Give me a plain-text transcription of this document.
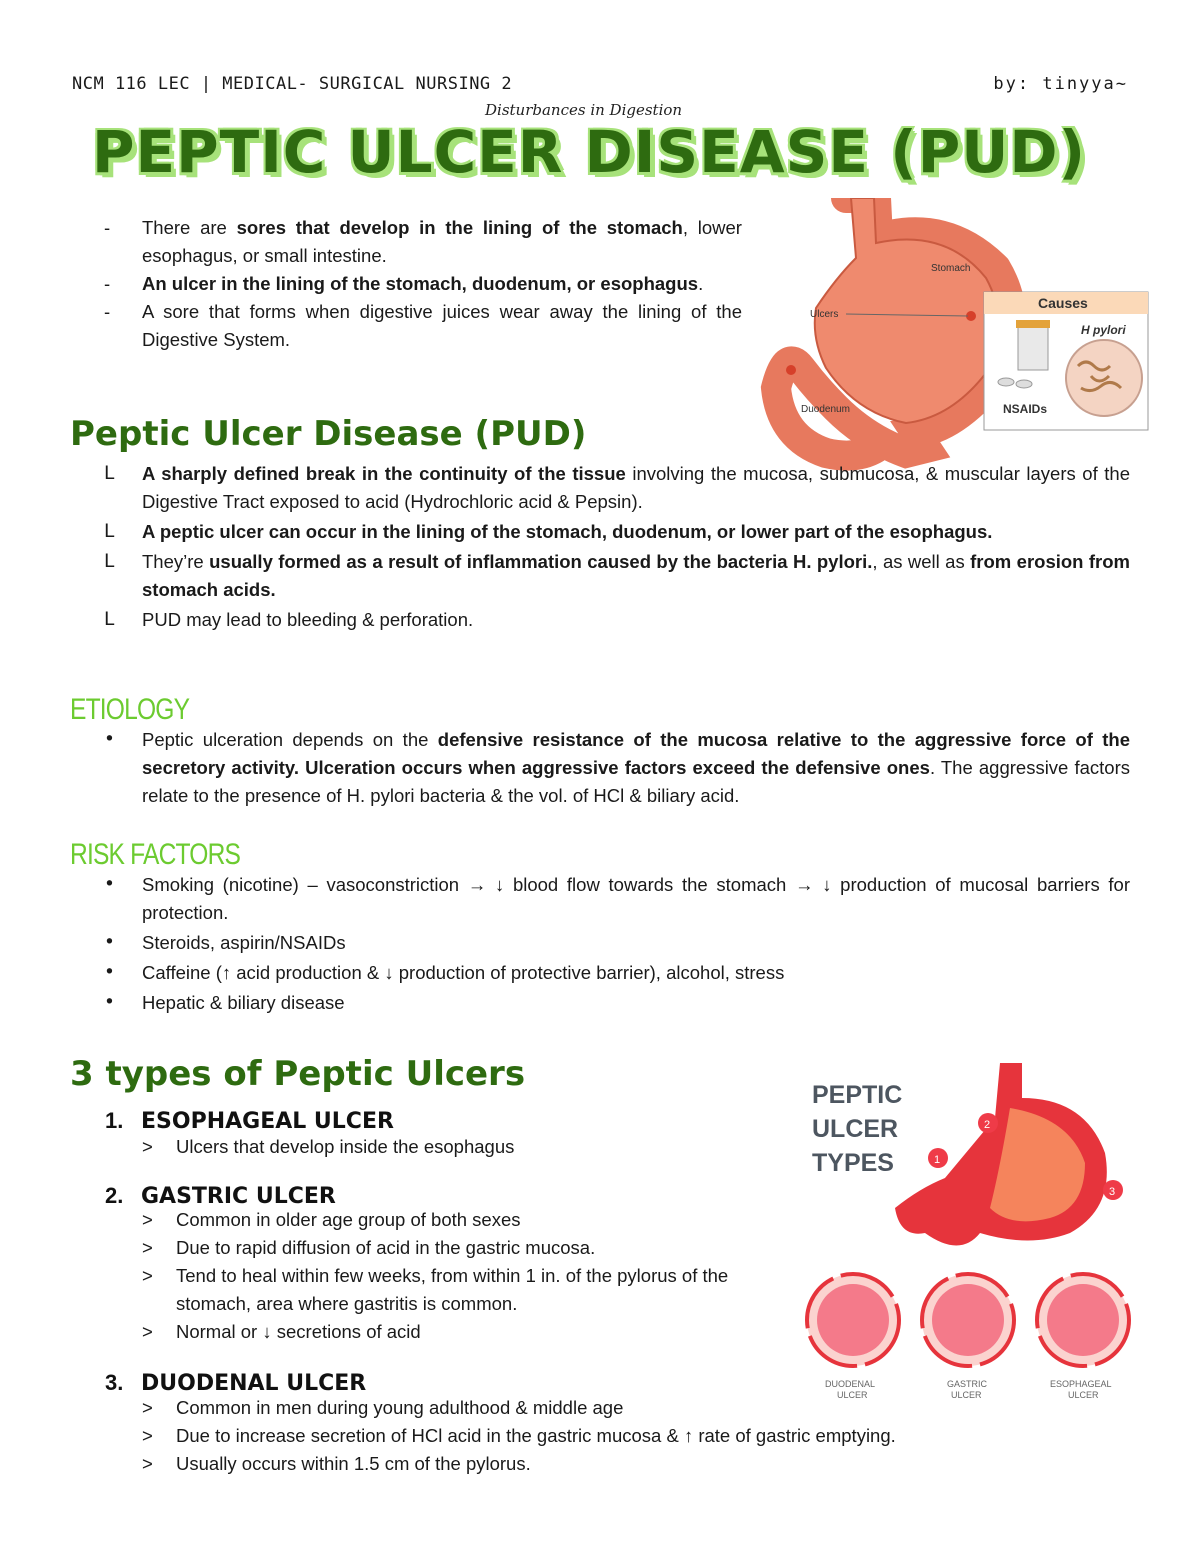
NCM 116 LEC | MEDICAL- SURGICAL NURSING 2	by: tinyya~
Disturbances in Digestion
PEPTIC ULCER DISEASE (PUD)
- There are sores that develop in the lining of the stomach, lower esophagus, or small intestine.
- An ulcer in the lining of the stomach, duodenum, or esophagus.
- A sore that forms when digestive juices wear away the lining of the Digestive System.
Ulcers
Stomach
Duodenum
Causes
NSAIDs
H pylori
Peptic Ulcer Disease (PUD)
L A sharply defined break in the continuity of the tissue involving the mucosa, submucosa, & muscular layers of the Digestive Tract exposed to acid (Hydrochloric acid & Pepsin).
L A peptic ulcer can occur in the lining of the stomach, duodenum, or lower part of the esophagus.
L They’re usually formed as a result of inflammation caused by the bacteria H. pylori., as well as from erosion from stomach acids.
L PUD may lead to bleeding & perforation.
ETIOLOGY
• Peptic ulceration depends on the defensive resistance of the mucosa relative to the aggressive force of the secretory activity. Ulceration occurs when aggressive factors exceed the defensive ones. The aggressive factors relate to the presence of H. pylori bacteria & the vol. of HCl & biliary acid.
RISK FACTORS
• Smoking (nicotine) – vasoconstriction → ↓ blood flow towards the stomach → ↓ production of mucosal barriers for protection.
• Steroids, aspirin/NSAIDs
• Caffeine (↑ acid production & ↓ production of protective barrier), alcohol, stress
• Hepatic & biliary disease
3 types of Peptic Ulcers
1. ESOPHAGEAL ULCER
> Ulcers that develop inside the esophagus
2. GASTRIC ULCER
> Common in older age group of both sexes
> Due to rapid diffusion of acid in the gastric mucosa.
> Tend to heal within few weeks, from within 1 in. of the pylorus of the stomach, area where gastritis is common.
> Normal or ↓ secretions of acid
3. DUODENAL ULCER
> Common in men during young adulthood & middle age
> Due to increase secretion of HCl acid in the gastric mucosa & ↑ rate of gastric emptying.
> Usually occurs within 1.5 cm of the pylorus.
PEPTIC
ULCER
TYPES	1
2
3
DUODENAL
ULCER
GASTRIC
ULCER
ESOPHAGEAL
ULCER
